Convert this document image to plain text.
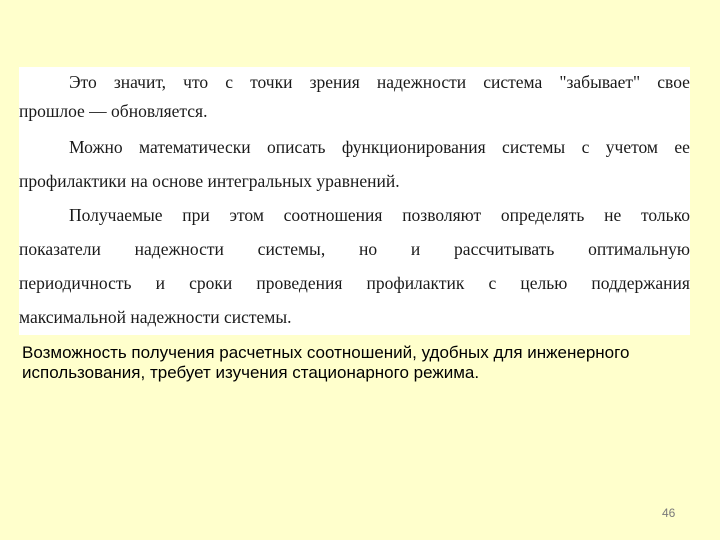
Это значит, что с точки зрения надежности система "забывает" свое
прошлое — обновляется.
Можно математически описать функционирования системы с учетом ее
профилактики на основе интегральных уравнений.
Получаемые при этом соотношения позволяют определять не только
показатели надежности системы, но и рассчитывать оптимальную
периодичность и сроки проведения профилактик с целью поддержания
максимальной надежности системы.
Возможность получения расчетных соотношений, удобных для инженерного
использования, требует изучения стационарного режима.
46
